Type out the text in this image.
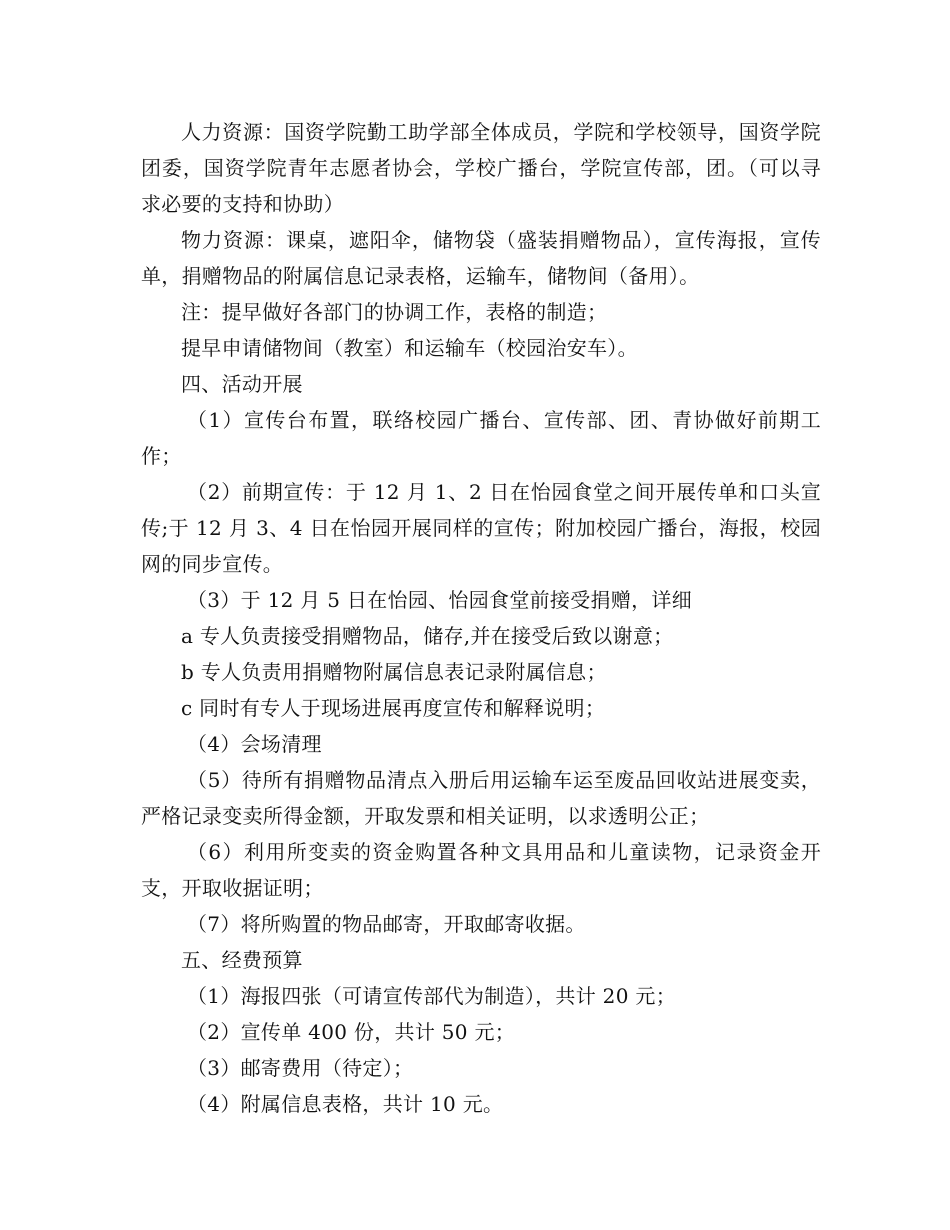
人力资源：国资学院勤工助学部全体成员，学院和学校领导，国资学院团委，国资学院青年志愿者协会，学校广播台，学院宣传部，团。（可以寻求必要的支持和协助）

物力资源：课桌，遮阳伞，储物袋（盛装捐赠物品），宣传海报，宣传单，捐赠物品的附属信息记录表格，运输车，储物间（备用）。

注：提早做好各部门的协调工作，表格的制造；

提早申请储物间（教室）和运输车（校园治安车）。

四、活动开展

（1）宣传台布置，联络校园广播台、宣传部、团、青协做好前期工作；

（2）前期宣传：于 12 月 1、2 日在怡园食堂之间开展传单和口头宣传;于 12 月 3、4 日在怡园开展同样的宣传；附加校园广播台，海报，校园网的同步宣传。

（3）于 12 月 5 日在怡园、怡园食堂前接受捐赠，详细

a 专人负责接受捐赠物品，储存,并在接受后致以谢意；

b 专人负责用捐赠物附属信息表记录附属信息；

c 同时有专人于现场进展再度宣传和解释说明；

（4）会场清理

（5）待所有捐赠物品清点入册后用运输车运至废品回收站进展变卖，严格记录变卖所得金额，开取发票和相关证明，以求透明公正；

（6）利用所变卖的资金购置各种文具用品和儿童读物，记录资金开支，开取收据证明；

（7）将所购置的物品邮寄，开取邮寄收据。

五、经费预算

（1）海报四张（可请宣传部代为制造），共计 20 元；

（2）宣传单 400 份，共计 50 元；

（3）邮寄费用（待定）；

（4）附属信息表格，共计 10 元。
